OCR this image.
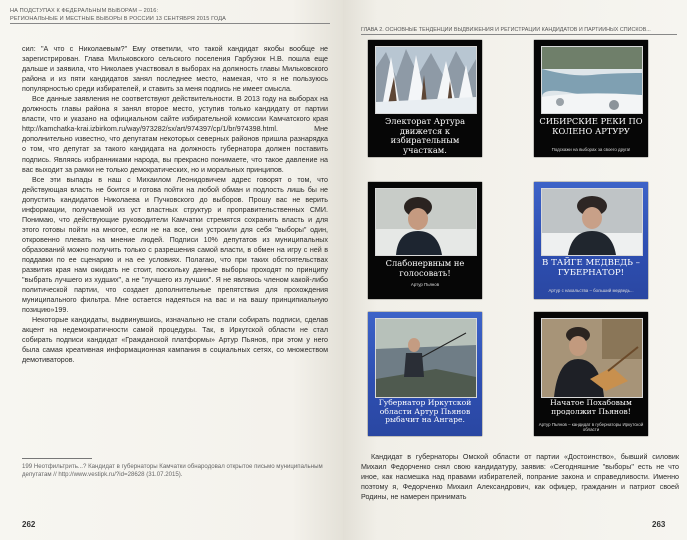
НА ПОДСТУПАХ К ФЕДЕРАЛЬНЫМ ВЫБОРАМ – 2016:
РЕГИОНАЛЬНЫЕ И МЕСТНЫЕ ВЫБОРЫ В РОССИИ 13 СЕНТЯБРЯ 2015 ГОДА

сил: "А что с Николаевым?" Ему ответили, что такой кандидат якобы вообще не зарегистрирован. Глава Мильковского сельского поселения Гарбузюк Н.В. пошла еще дальше и заявила, что Николаев участвовал в выборах на должность главы Мильковского района и из пяти кандидатов занял последнее место, намекая, что я не пользуюсь популярностью среди избирателей, и ставить за меня подпись не имеет смысла.

Все данные заявления не соответствуют действительности. В 2013 году на выборах на должность главы района я занял второе место, уступив только кандидату от партии власти, что и указано на официальном сайте избирательной комиссии Камчатского края http://kamchatka-krai.izbirkom.ru/way/973282/sx/art/974397/cp/1/br/974398.html. Мне дополнительно известно, что депутатам некоторых северных районов пришла разнарядка о том, что депутат за такого кандидата на должность губернатора должен поставить подпись. Являясь избранниками народа, вы прекрасно понимаете, что такое давление на вас выходит за рамки не только демократических, но и моральных принципов.

Все эти выпады в наш с Михаилом Леонидовичем адрес говорят о том, что действующая власть не боится и готова пойти на любой обман и подлость лишь бы не допустить кандидатов Николаева и Пучковского до выборов. Прошу вас не верить информации, получаемой из уст властных структур и проправительственных СМИ. Понимаю, что действующие руководители Камчатки стремятся сохранить власть и для этого готовы пойти на многое, если не на все, они устроили для себя "выборы" один, откровенно плевать на мнение людей. Подписи 10% депутатов из муниципальных образований можно получить только с разрешения самой власти, в обмен на игру с ней в поддавки по ее сценарию и на ее условиях. Полагаю, что при таких обстоятельствах развития края нам ожидать не стоит, поскольку данные выборы проходят по принципу "выбрать лучшего из худших", а не "лучшего из лучших". Я не являюсь членом какой-либо политической партии, что создает дополнительные препятствия для прохождения муниципального фильтра. Мне остается надеяться на вас и на вашу принципиальную позицию»199.

Некоторые кандидаты, выдвинувшись, изначально не стали собирать подписи, сделав акцент на недемократичности самой процедуры. Так, в Иркутской области не стал собирать подписи кандидат «Гражданской платформы» Артур Пьянов, при этом у него была самая креативная информационная кампания в социальных сетях, со множеством демотиваторов.

199 Неотфильтрить...? Кандидат в губернаторы Камчатки обнародовал открытое письмо муниципальным депутатам // http://www.vestipk.ru/?id=28628 (31.07.2015).
262
ГЛАВА 2. ОСНОВНЫЕ ТЕНДЕНЦИИ ВЫДВИЖЕНИЯ И РЕГИСТРАЦИИ КАНДИДАТОВ И ПАРТИЙНЫХ СПИСКОВ...
Электорат Артура движется к избирательным участкам.
СИБИРСКИЕ РЕКИ ПО КОЛЕНО АРТУРУ
Подскажи на выборах за своего друга!
Слабонервным не голосовать!
Артур Пьянов
В ТАЙГЕ МЕДВЕДЬ – ГУБЕРНАТОР!
Артур с нахальства – больший медведь...
Губернатор Иркутской области Артур Пьянов рыбачит на Ангаре.
Начатое Похабовым продолжит Пьянов!
Артур Пьянов – кандидат в губернаторы Иркутской области

Кандидат в губернаторы Омской области от партии «Достоинство», бывший силовик Михаил Федорченко снял свою кандидатуру, заявив: «Сегодняшние "выборы" есть не что иное, как насмешка над правами избирателей, попрание закона и справедливости. Именно поэтому я, Федорченко Михаил Александрович, как офицер, гражданин и патриот своей Родины, не намерен принимать

263
